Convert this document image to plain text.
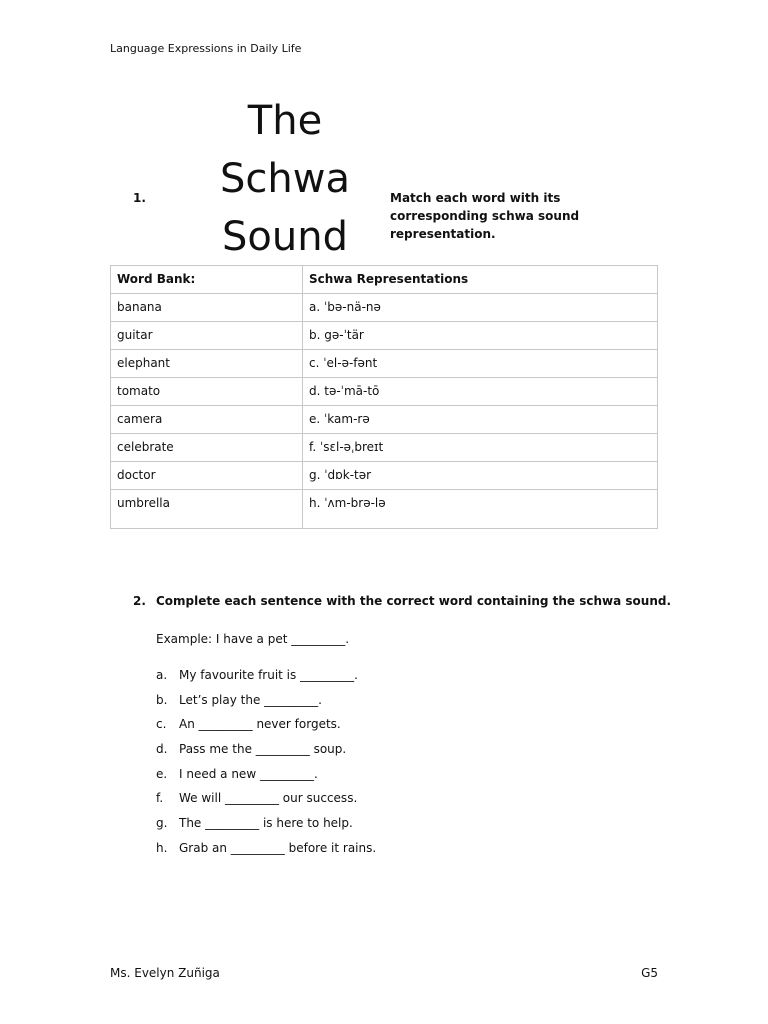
Language Expressions in Daily Life
1.
The
Schwa
Sound
Match each word with its corresponding schwa sound representation.
Word Bank:	Schwa Representations
banana	a. ˈbə-nä-nə
guitar	b. gə-ˈtär
elephant	c. ˈel-ə-fənt
tomato	d. tə-ˈmā-tō
camera	e. ˈkam-rə
celebrate	f. ˈsɛl-əˌbreɪt
doctor	g. ˈdɒk-tər
umbrella	h. ˈʌm-brə-lə
2. Complete each sentence with the correct word containing the schwa sound.
Example: I have a pet _________.
a. My favourite fruit is _________.
b. Let’s play the _________.
c.	An _________ never forgets.
d. Pass me the _________ soup.
e. I need a new _________.
f.	We will _________ our success.
g. The _________ is here to help.
h. Grab an _________ before it rains.
Ms. Evelyn Zuñiga	G5
